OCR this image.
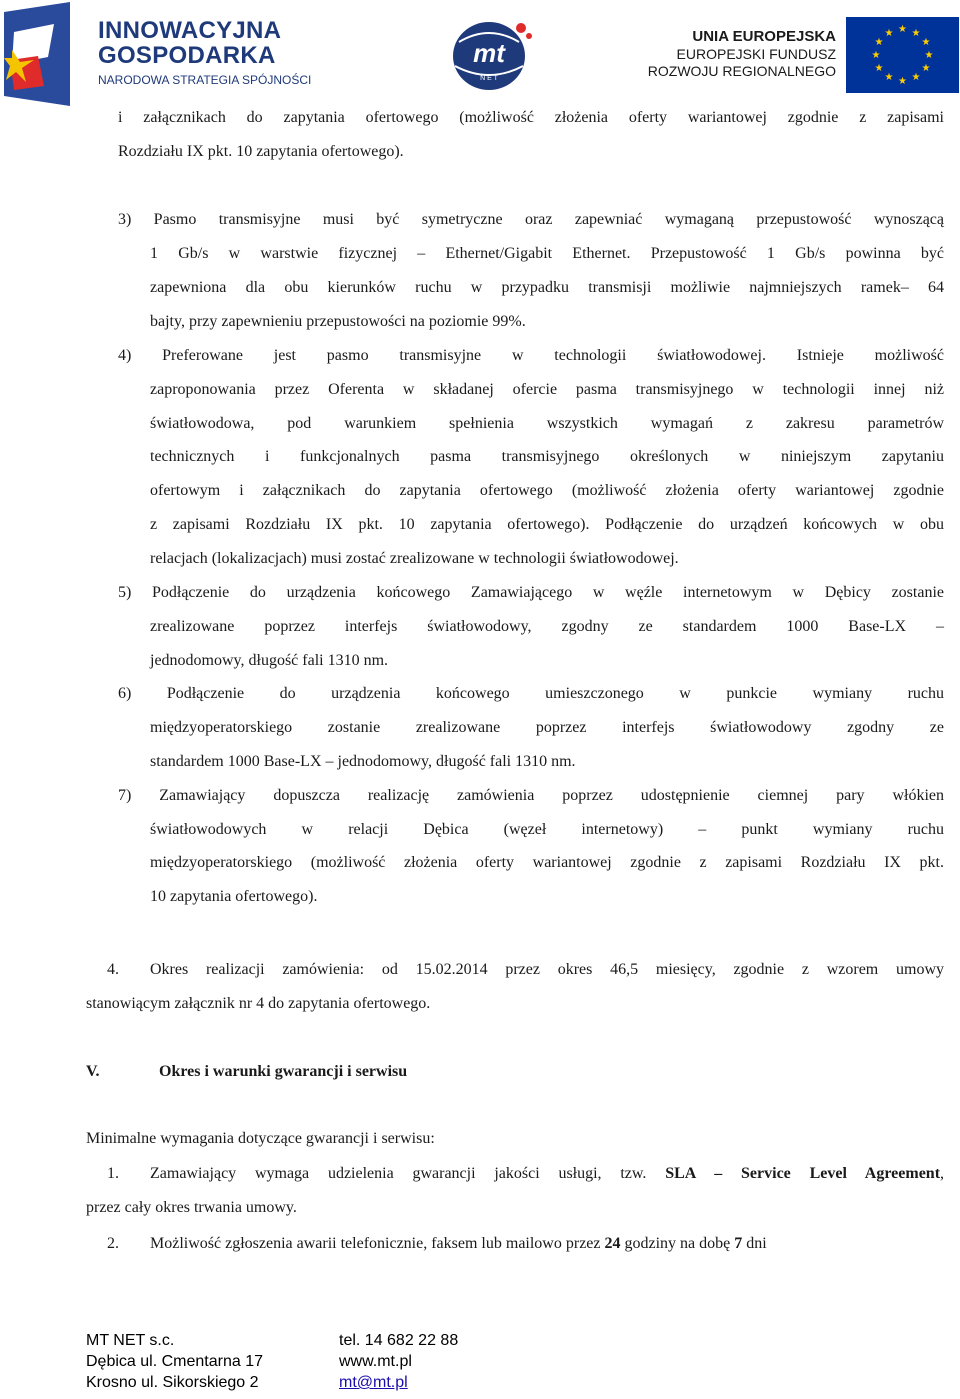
INNOWACYJNA
GOSPODARKA
NARODOWA STRATEGIA SPÓJNOŚCI
mt
N E T
UNIA EUROPEJSKA
EUROPEJSKI FUNDUSZ
ROZWOJU REGIONALNEGO
★ ★
★
★
★
★
★
★
★
★
★
★
i załącznikach do zapytania ofertowego (możliwość złożenia oferty wariantowej zgodnie z zapisami
Rozdziału IX pkt. 10 zapytania ofertowego).
3) Pasmo transmisyjne musi być symetryczne oraz zapewniać wymaganą przepustowość wynoszącą
1 Gb/s w warstwie fizycznej – Ethernet/Gigabit Ethernet. Przepustowość 1 Gb/s powinna być
zapewniona dla obu kierunków ruchu w przypadku transmisji możliwie najmniejszych ramek– 64
bajty, przy zapewnieniu przepustowości na poziomie 99%.
4) Preferowane jest pasmo transmisyjne w technologii światłowodowej. Istnieje możliwość
zaproponowania przez Oferenta w składanej ofercie pasma transmisyjnego w technologii innej niż
światłowodowa, pod warunkiem spełnienia wszystkich wymagań z zakresu parametrów
technicznych i funkcjonalnych pasma transmisyjnego określonych w niniejszym zapytaniu
ofertowym i załącznikach do zapytania ofertowego (możliwość złożenia oferty wariantowej zgodnie
z zapisami Rozdziału IX pkt. 10 zapytania ofertowego). Podłączenie do urządzeń końcowych w obu
relacjach (lokalizacjach) musi zostać zrealizowane w technologii światłowodowej.
5) Podłączenie do urządzenia końcowego Zamawiającego w węźle internetowym w Dębicy zostanie
zrealizowane poprzez interfejs światłowodowy, zgodny ze standardem 1000 Base-LX –
jednodomowy, długość fali 1310 nm.
6) Podłączenie do urządzenia końcowego umieszczonego w punkcie wymiany ruchu
międzyoperatorskiego zostanie zrealizowane poprzez interfejs światłowodowy zgodny ze
standardem 1000 Base-LX – jednodomowy, długość fali 1310 nm.
7) Zamawiający dopuszcza realizację zamówienia poprzez udostępnienie ciemnej pary włókien
światłowodowych w relacji Dębica (węzeł internetowy) – punkt wymiany ruchu
międzyoperatorskiego (możliwość złożenia oferty wariantowej zgodnie z zapisami Rozdziału IX pkt.
10 zapytania ofertowego).
4. Okres realizacji zamówienia: od 15.02.2014 przez okres 46,5 miesięcy, zgodnie z wzorem umowy
stanowiącym załącznik nr 4 do zapytania ofertowego.
V.	Okres i warunki gwarancji i serwisu
Minimalne wymagania dotyczące gwarancji i serwisu:
1. Zamawiający wymaga udzielenia gwarancji jakości usługi, tzw. SLA – Service Level Agreement,
przez cały okres trwania umowy.
2. Możliwość zgłoszenia awarii telefonicznie, faksem lub mailowo przez 24 godziny na dobę 7 dni
MT NET s.c.
Dębica ul. Cmentarna 17
Krosno ul. Sikorskiego 2
tel. 14 682 22 88
www.mt.pl
mt@mt.pl
